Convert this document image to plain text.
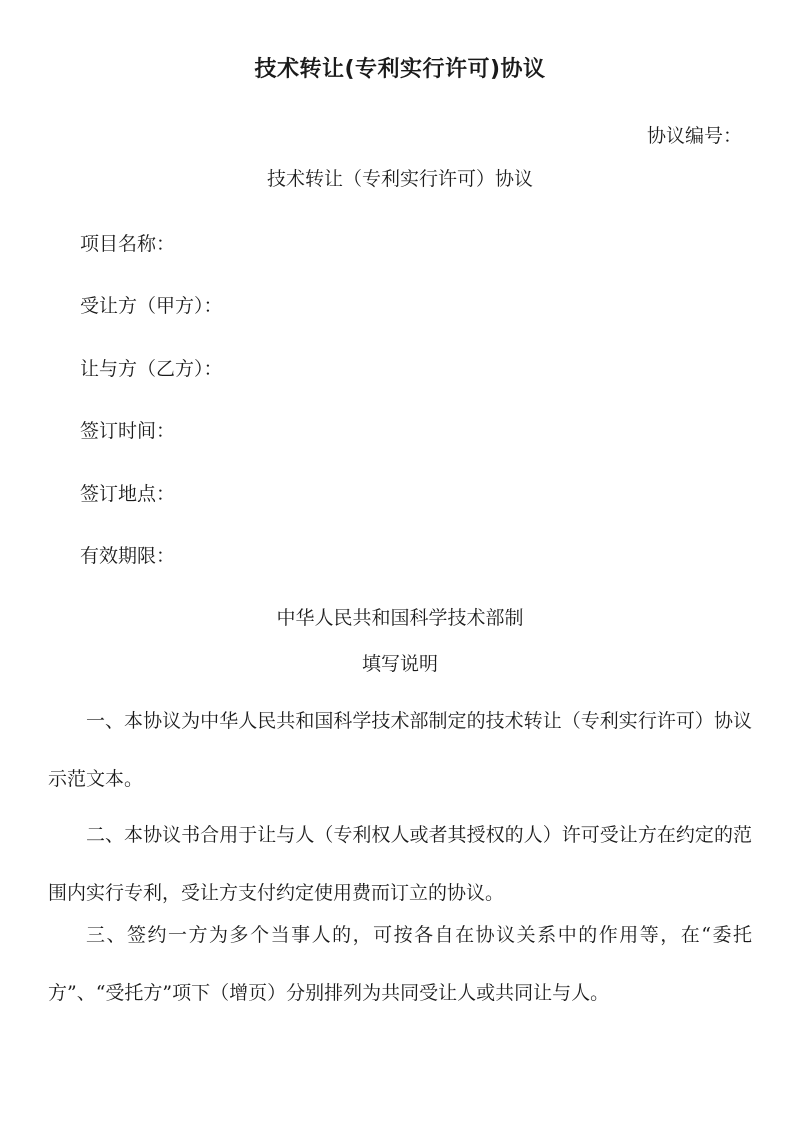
技术转让(专利实行许可)协议
协议编号：
技术转让（专利实行许可）协议
项目名称：
受让方（甲方）：
让与方（乙方）：
签订时间：
签订地点：
有效期限：
中华人民共和国科学技术部制
填写说明
一、本协议为中华人民共和国科学技术部制定的技术转让（专利实行许可）协议示范文本。
二、本协议书合用于让与人（专利权人或者其授权的人）许可受让方在约定的范围内实行专利，受让方支付约定使用费而订立的协议。
三、签约一方为多个当事人的，可按各自在协议关系中的作用等，在“委托方”、“受托方”项下（增页）分别排列为共同受让人或共同让与人。
